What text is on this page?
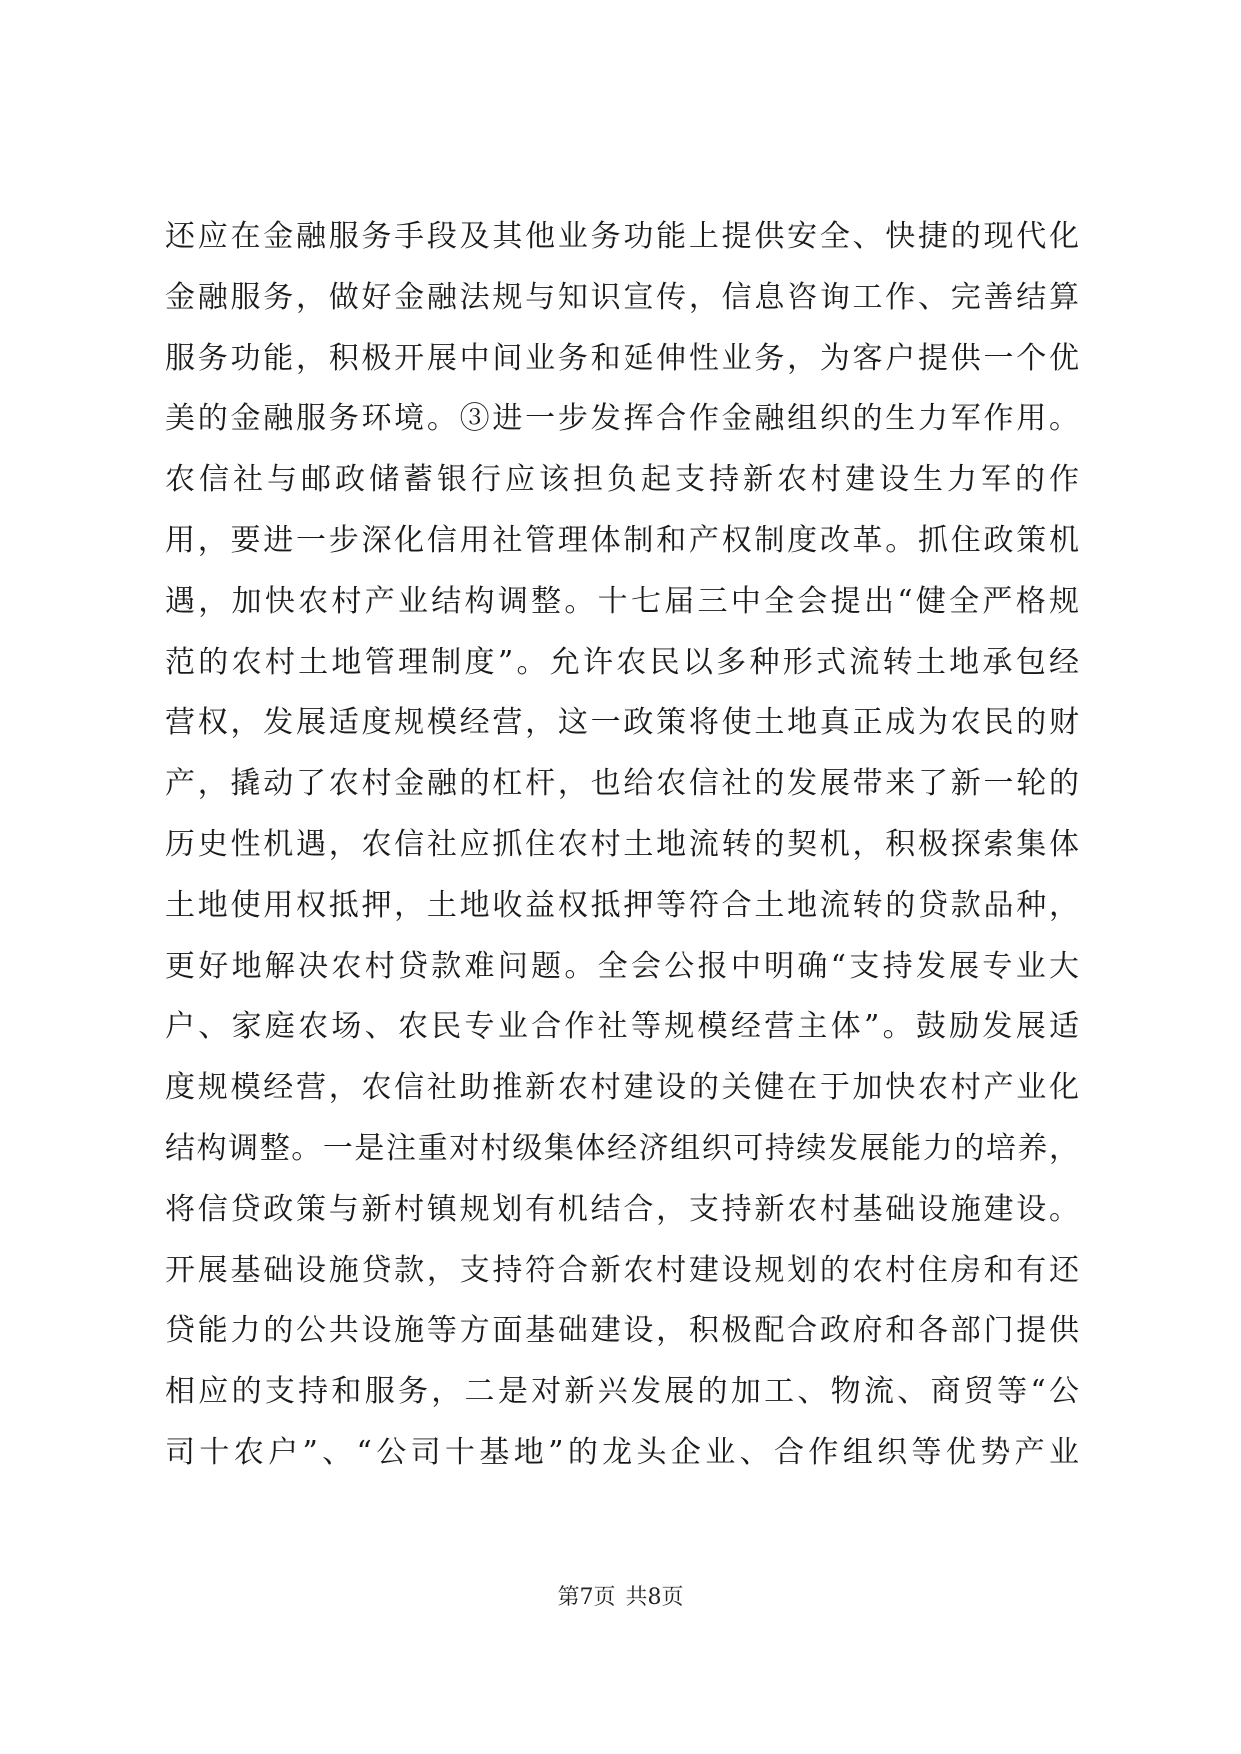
还应在金融服务手段及其他业务功能上提供安全、快捷的现代化
金融服务，做好金融法规与知识宣传，信息咨询工作、完善结算
服务功能，积极开展中间业务和延伸性业务，为客户提供一个优
美的金融服务环境。③进一步发挥合作金融组织的生力军作用。
农信社与邮政储蓄银行应该担负起支持新农村建设生力军的作
用，要进一步深化信用社管理体制和产权制度改革。抓住政策机
遇，加快农村产业结构调整。十七届三中全会提出“健全严格规
范的农村土地管理制度”。允许农民以多种形式流转土地承包经
营权，发展适度规模经营，这一政策将使土地真正成为农民的财
产，撬动了农村金融的杠杆，也给农信社的发展带来了新一轮的
历史性机遇，农信社应抓住农村土地流转的契机，积极探索集体
土地使用权抵押，土地收益权抵押等符合土地流转的贷款品种，
更好地解决农村贷款难问题。全会公报中明确“支持发展专业大
户、家庭农场、农民专业合作社等规模经营主体”。鼓励发展适
度规模经营，农信社助推新农村建设的关健在于加快农村产业化
结构调整。一是注重对村级集体经济组织可持续发展能力的培养，
将信贷政策与新村镇规划有机结合，支持新农村基础设施建设。
开展基础设施贷款，支持符合新农村建设规划的农村住房和有还
贷能力的公共设施等方面基础建设，积极配合政府和各部门提供
相应的支持和服务，二是对新兴发展的加工、物流、商贸等“公
司十农户”、“公司十基地”的龙头企业、合作组织等优势产业
第7页 共8页
